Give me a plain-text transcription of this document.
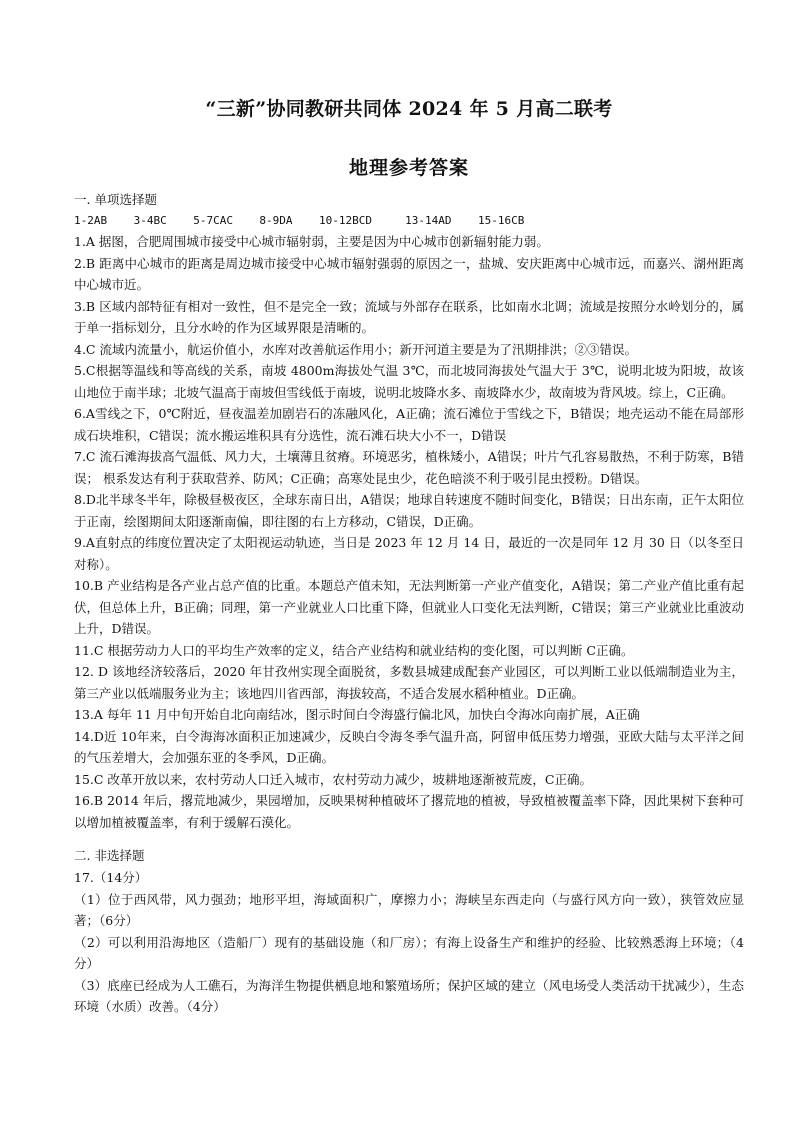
“三新”协同教研共同体 2024 年 5 月高二联考
地理参考答案
一. 单项选择题
1-2AB    3-4BC    5-7CAC    8-9DA    10-12BCD     13-14AD    15-16CB
1.A 据图，合肥周围城市接受中心城市辐射弱，主要是因为中心城市创新辐射能力弱。
2.B 距离中心城市的距离是周边城市接受中心城市辐射强弱的原因之一，盐城、安庆距离中心城市远，而嘉兴、湖州距离中心城市近。
3.B 区域内部特征有相对一致性，但不是完全一致；流域与外部存在联系，比如南水北调；流域是按照分水岭划分的，属于单一指标划分，且分水岭的作为区域界限是清晰的。
4.C 流域内流量小，航运价值小，水库对改善航运作用小；新开河道主要是为了汛期排洪；②③错误。
5.C根据等温线和等高线的关系，南坡 4800m海拔处气温 3℃，而北坡同海拔处气温大于 3℃，说明北坡为阳坡，故该山地位于南半球；北坡气温高于南坡但雪线低于南坡，说明北坡降水多、南坡降水少，故南坡为背风坡。综上，C正确。
6.A雪线之下，0℃附近，昼夜温差加剧岩石的冻融风化，A正确；流石滩位于雪线之下，B错误；地壳运动不能在局部形成石块堆积，C错误；流水搬运堆积具有分选性，流石滩石块大小不一，D错误
7.C 流石滩海拔高气温低、风力大，土壤薄且贫瘠。环境恶劣，植株矮小，A错误；叶片气孔容易散热，不利于防寒，B错误； 根系发达有利于获取营养、防风；C正确；高寒处昆虫少，花色暗淡不利于吸引昆虫授粉。D错误。
8.D北半球冬半年，除极昼极夜区，全球东南日出，A错误；地球自转速度不随时间变化，B错误；日出东南，正午太阳位于正南，绘图期间太阳逐渐南偏，即往图的右上方移动，C错误，D正确。
9.A直射点的纬度位置决定了太阳视运动轨迹，当日是 2023 年 12 月 14 日，最近的一次是同年 12 月 30 日（以冬至日对称）。
10.B 产业结构是各产业占总产值的比重。本题总产值未知，无法判断第一产业产值变化，A错误；第二产业产值比重有起伏，但总体上升，B正确；同理，第一产业就业人口比重下降，但就业人口变化无法判断，C错误；第三产业就业比重波动上升，D错误。
11.C 根据劳动力人口的平均生产效率的定义，结合产业结构和就业结构的变化图，可以判断 C正确。
12. D 该地经济较落后，2020 年甘孜州实现全面脱贫，多数县城建成配套产业园区，可以判断工业以低端制造业为主，第三产业以低端服务业为主；该地四川省西部，海拔较高，不适合发展水稻种植业。D正确。
13.A 每年 11 月中旬开始自北向南结冰，图示时间白令海盛行偏北风，加快白令海冰向南扩展，A正确
14.D近 10年来，白令海海冰面积正加速减少，反映白令海冬季气温升高，阿留申低压势力增强，亚欧大陆与太平洋之间的气压差增大，会加强东亚的冬季风，D正确。
15.C 改革开放以来，农村劳动人口迁入城市，农村劳动力减少，坡耕地逐渐被荒废，C正确。
16.B 2014 年后，撂荒地减少，果园增加，反映果树种植破坏了撂荒地的植被，导致植被覆盖率下降，因此果树下套种可以增加植被覆盖率，有利于缓解石漠化。
二. 非选择题
17.（14分）
（1）位于西风带，风力强劲；地形平坦，海域面积广，摩擦力小；海峡呈东西走向（与盛行风方向一致），狭管效应显著；（6分）
（2）可以利用沿海地区（造船厂）现有的基础设施（和厂房）；有海上设备生产和维护的经验、比较熟悉海上环境；（4分）
（3）底座已经成为人工礁石，为海洋生物提供栖息地和繁殖场所；保护区域的建立（风电场受人类活动干扰减少），生态环境（水质）改善。（4分）
